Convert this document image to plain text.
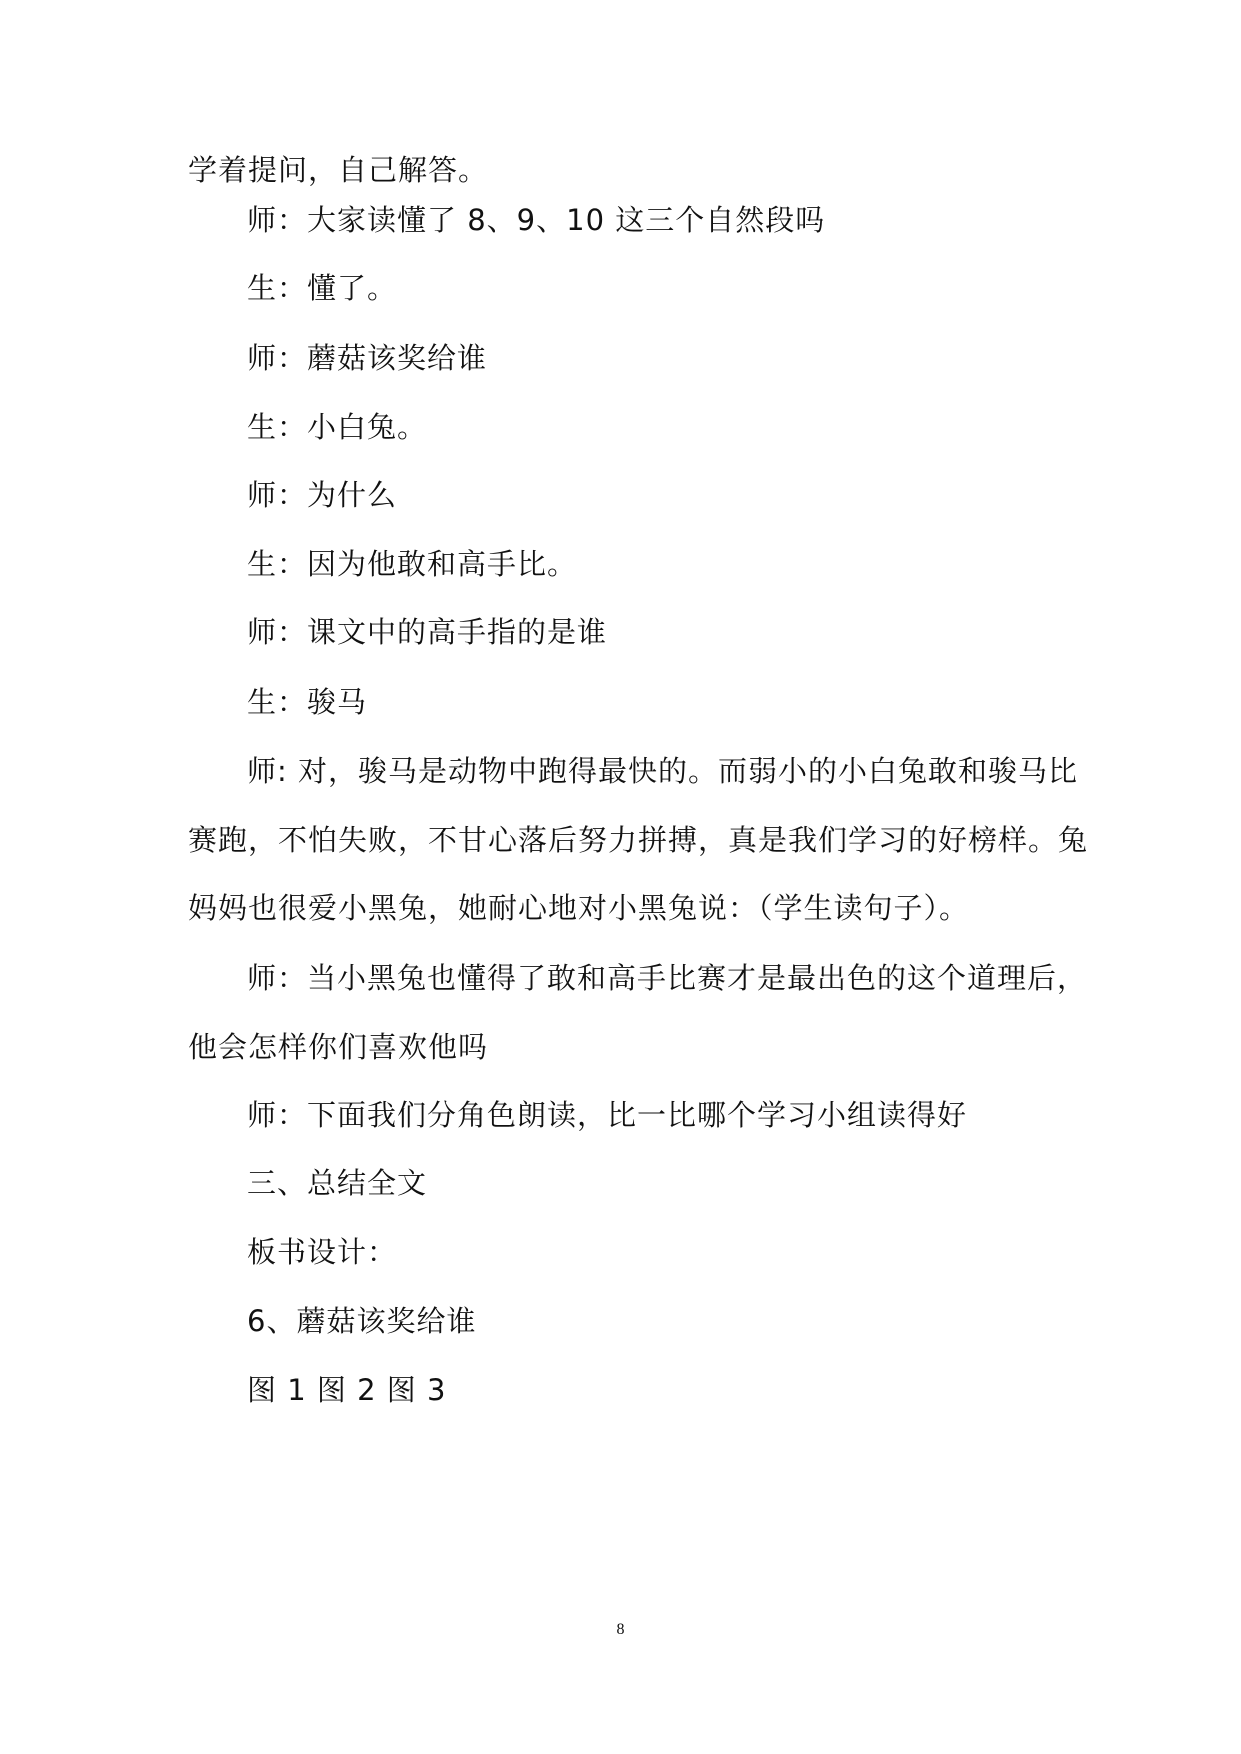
学着提问，自己解答。
师：大家读懂了 8、9、10 这三个自然段吗
生：懂了。
师：蘑菇该奖给谁
生：小白兔。
师：为什么
生：因为他敢和高手比。
师：课文中的高手指的是谁
生：骏马
师: 对，骏马是动物中跑得最快的。而弱小的小白兔敢和骏马比
赛跑，不怕失败，不甘心落后努力拼搏，真是我们学习的好榜样。兔
妈妈也很爱小黑兔，她耐心地对小黑兔说：（学生读句子）。
师：当小黑兔也懂得了敢和高手比赛才是最出色的这个道理后，
他会怎样你们喜欢他吗
师：下面我们分角色朗读，比一比哪个学习小组读得好
三、总结全文
板书设计：
6、蘑菇该奖给谁
图 1 图 2 图 3
8
